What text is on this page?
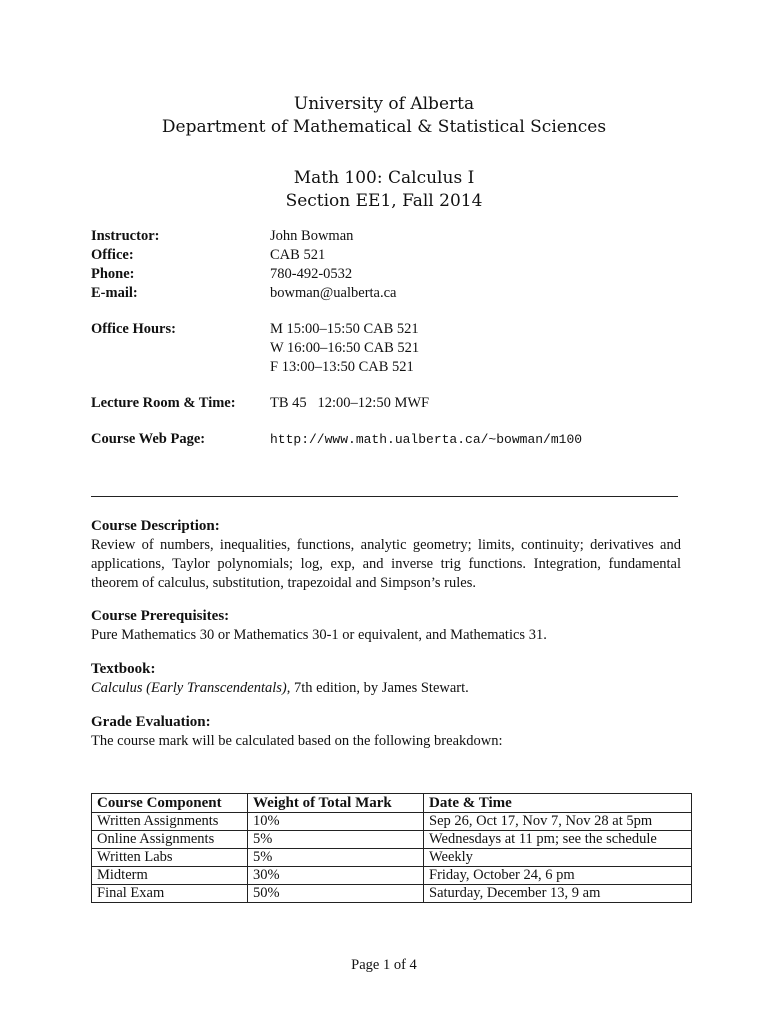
University of Alberta
Department of Mathematical & Statistical Sciences
Math 100: Calculus I
Section EE1, Fall 2014
Instructor:	John Bowman
Office:	CAB 521
Phone:	780-492-0532
E-mail:	bowman@ualberta.ca
Office Hours:	M 15:00–15:50 CAB 521
W 16:00–16:50 CAB 521
F 13:00–13:50 CAB 521
Lecture Room & Time:	TB 45   12:00–12:50 MWF
Course Web Page:	http://www.math.ualberta.ca/~bowman/m100
Course Description:

Review of numbers, inequalities, functions, analytic geometry; limits, continuity; derivatives and applications, Taylor polynomials; log, exp, and inverse trig functions. Integration, fundamental theorem of calculus, substitution, trapezoidal and Simpson’s rules.

Course Prerequisites:

Pure Mathematics 30 or Mathematics 30-1 or equivalent, and Mathematics 31.

Textbook:

Calculus (Early Transcendentals), 7th edition, by James Stewart.

Grade Evaluation:

The course mark will be calculated based on the following breakdown:

Course Component	Weight of Total Mark	Date & Time
Written Assignments	10%	Sep 26, Oct 17, Nov 7, Nov 28 at 5pm
Online Assignments	5%	Wednesdays at 11 pm; see the schedule
Written Labs	5%	Weekly
Midterm	30%	Friday, October 24, 6 pm
Final Exam	50%	Saturday, December 13, 9 am
Page 1 of 4
